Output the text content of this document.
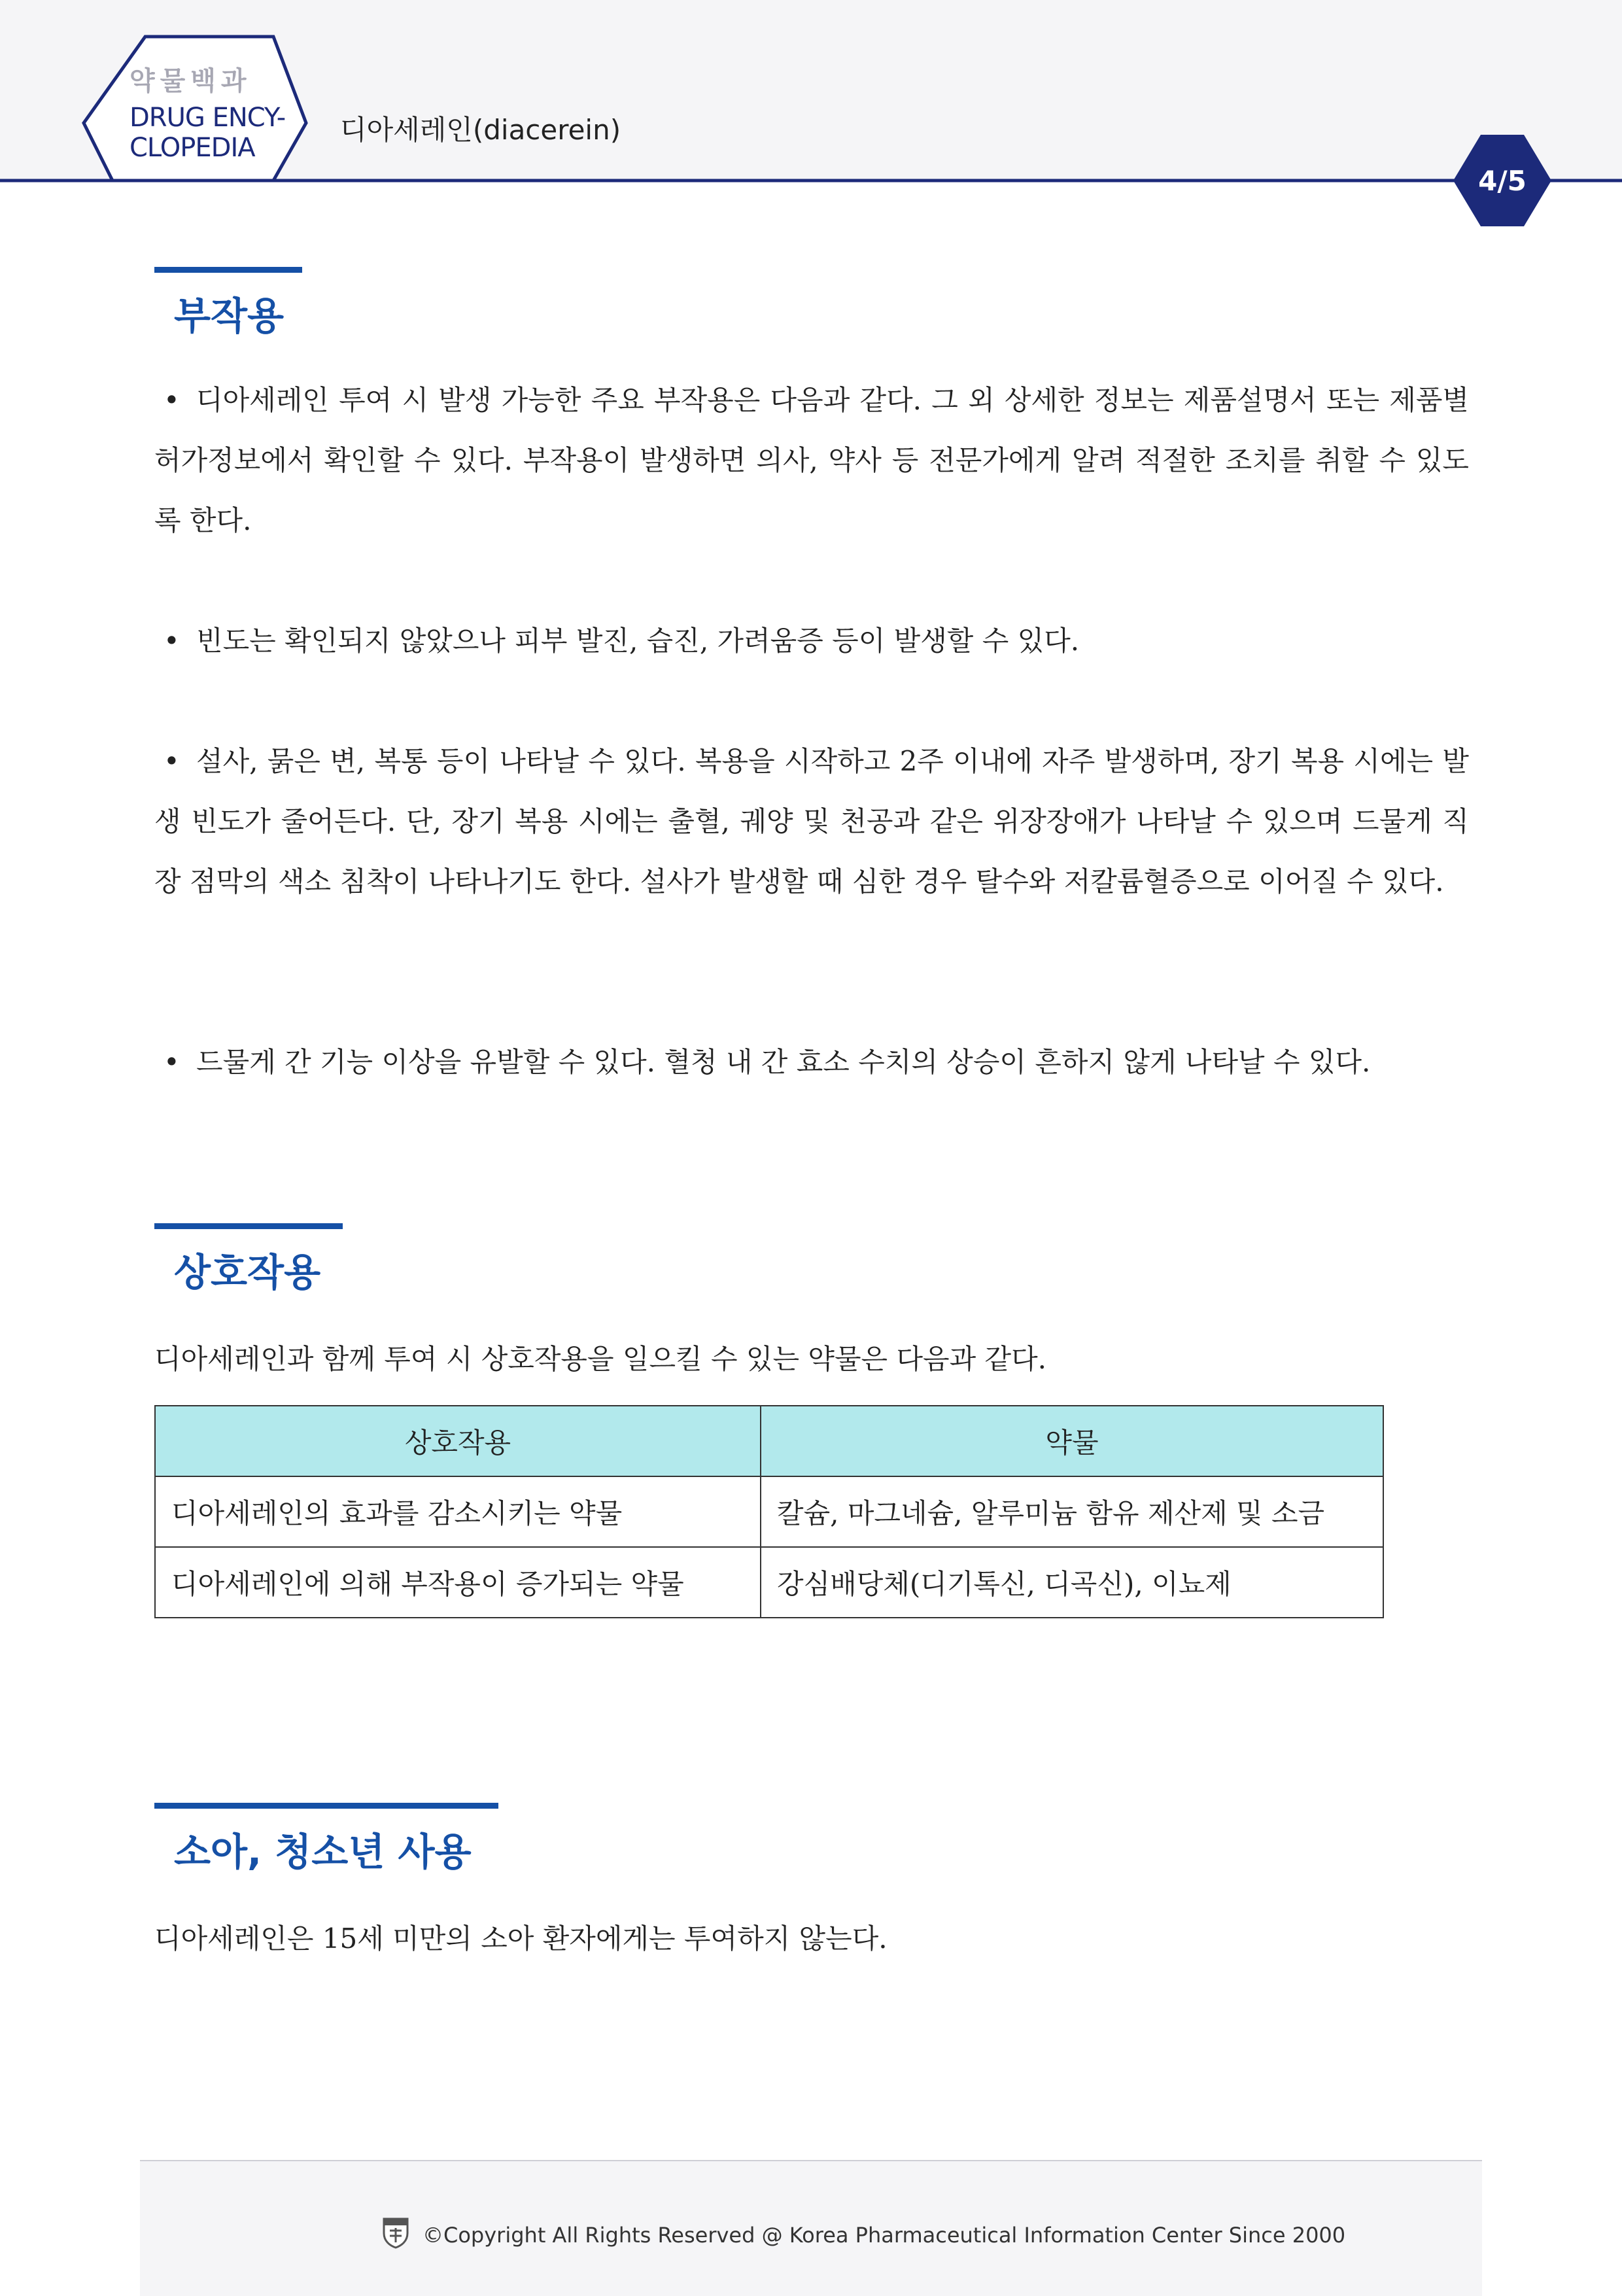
약물백과
DRUG ENCY-
CLOPEDIA
디아세레인(diacerein)
4/5
부작용
• 디아세레인 투여 시 발생 가능한 주요 부작용은 다음과 같다. 그 외 상세한 정보는 제품설명서 또는 제품별 허가정보에서 확인할 수 있다. 부작용이 발생하면 의사, 약사 등 전문가에게 알려 적절한 조치를 취할 수 있도록 한다.
• 빈도는 확인되지 않았으나 피부 발진, 습진, 가려움증 등이 발생할 수 있다.
• 설사, 묽은 변, 복통 등이 나타날 수 있다. 복용을 시작하고 2주 이내에 자주 발생하며, 장기 복용 시에는 발생 빈도가 줄어든다. 단, 장기 복용 시에는 출혈, 궤양 및 천공과 같은 위장장애가 나타날 수 있으며 드물게 직장 점막의 색소 침착이 나타나기도 한다. 설사가 발생할 때 심한 경우 탈수와 저칼륨혈증으로 이어질 수 있다.
• 드물게 간 기능 이상을 유발할 수 있다. 혈청 내 간 효소 수치의 상승이 흔하지 않게 나타날 수 있다.
상호작용
디아세레인과 함께 투여 시 상호작용을 일으킬 수 있는 약물은 다음과 같다.
상호작용	약물
디아세레인의 효과를 감소시키는 약물	칼슘, 마그네슘, 알루미늄 함유 제산제 및 소금
디아세레인에 의해 부작용이 증가되는 약물	강심배당체(디기톡신, 디곡신), 이뇨제
소아, 청소년 사용
디아세레인은 15세 미만의 소아 환자에게는 투여하지 않는다.
©Copyright All Rights Reserved @ Korea Pharmaceutical Information Center Since 2000
